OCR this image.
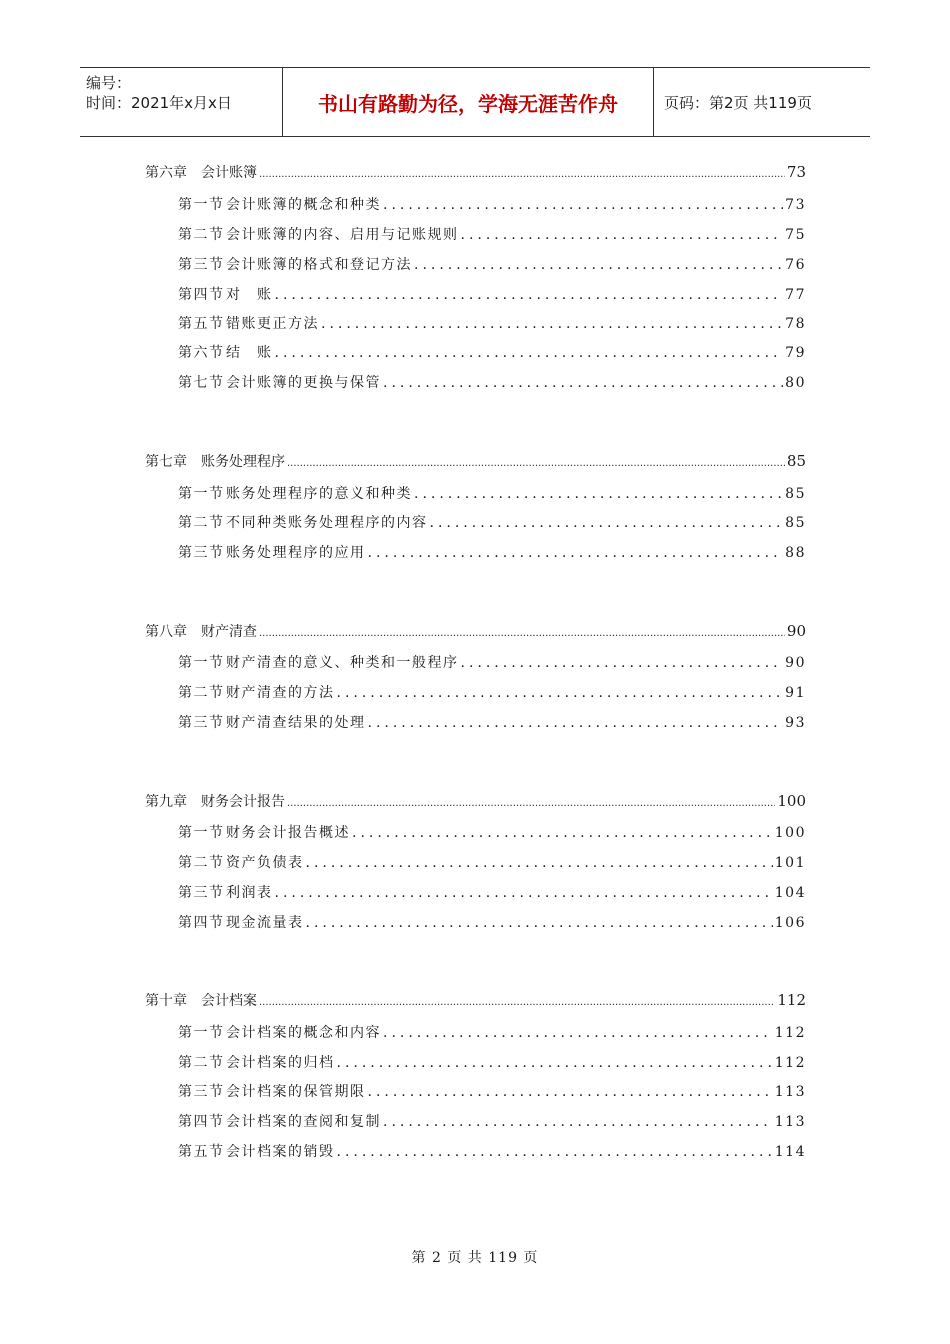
编号：
时间：2021年x月x日	书山有路勤为径，学海无涯苦作舟	页码：第2页 共119页
第六章　会计账簿 .....	73
第一节 会计账簿的概念和种类 .....	73
第二节 会计账簿的内容、启用与记账规则 .....	75
第三节 会计账簿的格式和登记方法 .....	76
第四节 对　账 .....	77
第五节 错账更正方法 .....	78
第六节 结　账 .....	79
第七节 会计账簿的更换与保管 .....	80
第七章　账务处理程序 .....	85
第一节 账务处理程序的意义和种类 .....	85
第二节 不同种类账务处理程序的内容 .....	85
第三节 账务处理程序的应用 .....	88
第八章　财产清查 .....	90
第一节 财产清查的意义、种类和一般程序 .....	90
第二节 财产清查的方法 .....	91
第三节 财产清查结果的处理 .....	93
第九章　财务会计报告 .....	100
第一节 财务会计报告概述 .....	100
第二节 资产负债表 .....	101
第三节 利润表 .....	104
第四节 现金流量表 .....	106
第十章　会计档案 .....	112
第一节 会计档案的概念和内容 .....	112
第二节 会计档案的归档 .....	112
第三节 会计档案的保管期限 .....	113
第四节 会计档案的查阅和复制 .....	113
第五节 会计档案的销毁 .....	114
第 2 页 共 119 页
